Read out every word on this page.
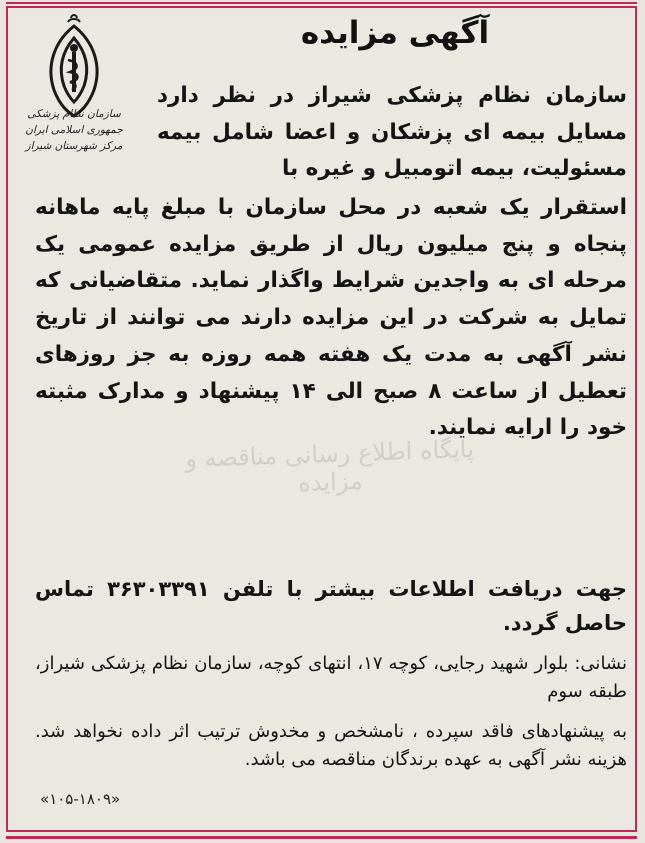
سازمان نظام پزشکی جمهوری اسلامی ایران
مرکز شهرستان شیراز
آگهی مزایده
سازمان نظام پزشکی شیراز در نظر دارد مسایل بیمه ای پزشکان و اعضا شامل بیمه مسئولیت، بیمه اتومبیل و غیره با
استقرار یک شعبه در محل سازمان با مبلغ پایه ماهانه پنجاه و پنج میلیون ریال از طریق مزایده عمومی یک مرحله ای به واجدین شرایط واگذار نماید. متقاضیانی که تمایل به شرکت در این مزایده دارند می توانند از تاریخ نشر آگهی به مدت یک هفته همه روزه به جز روزهای تعطیل از ساعت ۸ صبح الی ۱۴ پیشنهاد و مدارک مثبته خود را ارایه نمایند.
جهت دریافت اطلاعات بیشتر با تلفن ۳۶۳۰۳۳۹۱ تماس حاصل گردد.
نشانی: بلوار شهید رجایی، کوچه ۱۷، انتهای کوچه، سازمان نظام پزشکی شیراز، طبقه سوم
به پیشنهادهای فاقد سپرده ، نامشخص و مخدوش ترتیب اثر داده نخواهد شد. هزینه نشر آگهی به عهده برندگان مناقصه می باشد.
«۱۰۵-۱۸۰۹»
